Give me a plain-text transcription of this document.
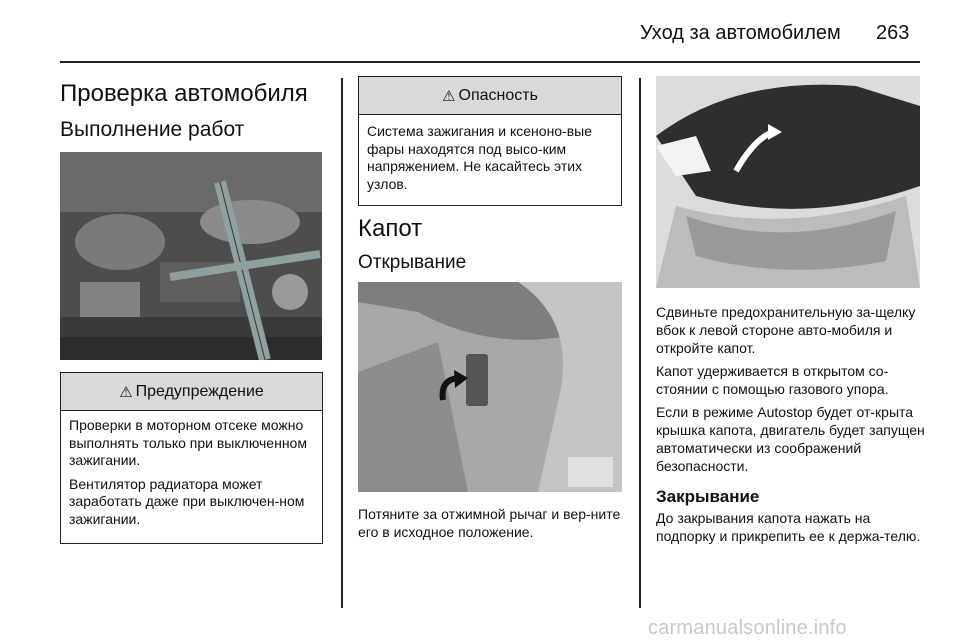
Уход за автомобилем 263
Проверка автомобиля
Выполнение работ
⚠ Предупреждение

Проверки в моторном отсеке можно выполнять только при выключенном зажигании.

Вентилятор радиатора может заработать даже при выключен-ном зажигании.

⚠ Опасность

Система зажигания и ксеноно-вые фары находятся под высо-ким напряжением. Не касайтесь этих узлов.

Капот
Открывание
Потяните за отжимной рычаг и вер-ните его в исходное положение.
Сдвиньте предохранительную за-щелку вбок к левой стороне авто-мобиля и откройте капот.
Капот удерживается в открытом со-стоянии с помощью газового упора.
Если в режиме Autostop будет от-крыта крышка капота, двигатель будет запущен автоматически из соображений безопасности.
Закрывание
До закрывания капота нажать на подпорку и прикрепить ее к держа-телю.
carmanualsonline.info
